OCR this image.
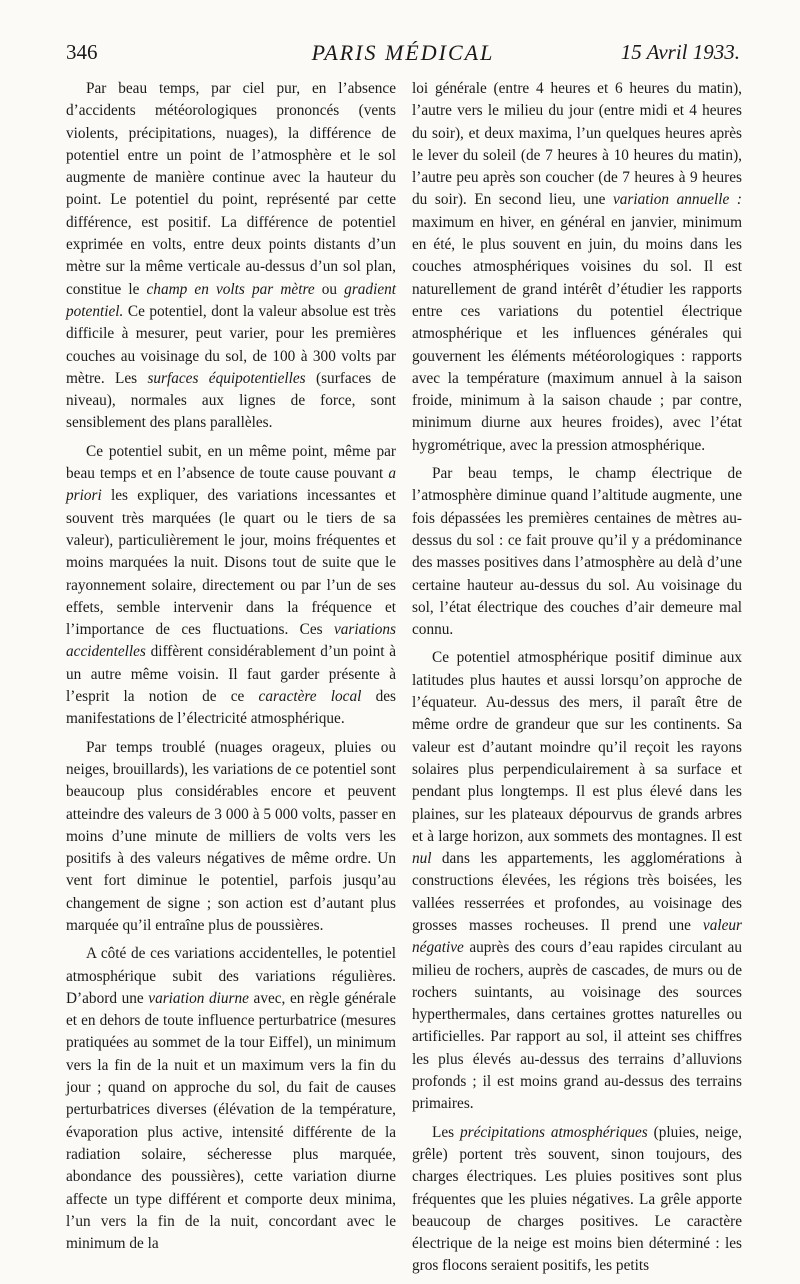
346	PARIS MÉDICAL	15 Avril 1933.

Par beau temps, par ciel pur, en l’absence d’accidents météorologiques prononcés (vents violents, précipitations, nuages), la différence de potentiel entre un point de l’atmosphère et le sol augmente de manière continue avec la hauteur du point. Le potentiel du point, représenté par cette différence, est positif. La différence de potentiel exprimée en volts, entre deux points distants d’un mètre sur la même verticale au-dessus d’un sol plan, constitue le champ en volts par mètre ou gradient potentiel. Ce potentiel, dont la valeur absolue est très difficile à mesurer, peut varier, pour les premières couches au voisinage du sol, de 100 à 300 volts par mètre. Les surfaces équipotentielles (surfaces de niveau), normales aux lignes de force, sont sensiblement des plans parallèles.

Ce potentiel subit, en un même point, même par beau temps et en l’absence de toute cause pouvant a priori les expliquer, des variations incessantes et souvent très marquées (le quart ou le tiers de sa valeur), particulièrement le jour, moins fréquentes et moins marquées la nuit. Disons tout de suite que le rayonnement solaire, directement ou par l’un de ses effets, semble intervenir dans la fréquence et l’importance de ces fluctuations. Ces variations accidentelles diffèrent considérablement d’un point à un autre même voisin. Il faut garder présente à l’esprit la notion de ce caractère local des manifestations de l’électricité atmosphérique.

Par temps troublé (nuages orageux, pluies ou neiges, brouillards), les variations de ce potentiel sont beaucoup plus considérables encore et peuvent atteindre des valeurs de 3 000 à 5 000 volts, passer en moins d’une minute de milliers de volts vers les positifs à des valeurs négatives de même ordre. Un vent fort diminue le potentiel, parfois jusqu’au changement de signe ; son action est d’autant plus marquée qu’il entraîne plus de poussières.

A côté de ces variations accidentelles, le potentiel atmosphérique subit des variations régulières. D’abord une variation diurne avec, en règle générale et en dehors de toute influence perturbatrice (mesures pratiquées au sommet de la tour Eiffel), un minimum vers la fin de la nuit et un maximum vers la fin du jour ; quand on approche du sol, du fait de causes perturbatrices diverses (élévation de la température, évaporation plus active, intensité différente de la radiation solaire, sécheresse plus marquée, abondance des poussières), cette variation diurne affecte un type différent et comporte deux minima, l’un vers la fin de la nuit, concordant avec le minimum de la

loi générale (entre 4 heures et 6 heures du matin), l’autre vers le milieu du jour (entre midi et 4 heures du soir), et deux maxima, l’un quelques heures après le lever du soleil (de 7 heures à 10 heures du matin), l’autre peu après son coucher (de 7 heures à 9 heures du soir). En second lieu, une variation annuelle : maximum en hiver, en général en janvier, minimum en été, le plus souvent en juin, du moins dans les couches atmosphériques voisines du sol. Il est naturellement de grand intérêt d’étudier les rapports entre ces variations du potentiel électrique atmosphérique et les influences générales qui gouvernent les éléments météorologiques : rapports avec la température (maximum annuel à la saison froide, minimum à la saison chaude ; par contre, minimum diurne aux heures froides), avec l’état hygrométrique, avec la pression atmosphérique.

Par beau temps, le champ électrique de l’atmosphère diminue quand l’altitude augmente, une fois dépassées les premières centaines de mètres au-dessus du sol : ce fait prouve qu’il y a prédominance des masses positives dans l’atmosphère au delà d’une certaine hauteur au-dessus du sol. Au voisinage du sol, l’état électrique des couches d’air demeure mal connu.

Ce potentiel atmosphérique positif diminue aux latitudes plus hautes et aussi lorsqu’on approche de l’équateur. Au-dessus des mers, il paraît être de même ordre de grandeur que sur les continents. Sa valeur est d’autant moindre qu’il reçoit les rayons solaires plus perpendiculairement à sa surface et pendant plus longtemps. Il est plus élevé dans les plaines, sur les plateaux dépourvus de grands arbres et à large horizon, aux sommets des montagnes. Il est nul dans les appartements, les agglomérations à constructions élevées, les régions très boisées, les vallées resserrées et profondes, au voisinage des grosses masses rocheuses. Il prend une valeur négative auprès des cours d’eau rapides circulant au milieu de rochers, auprès de cascades, de murs ou de rochers suintants, au voisinage des sources hyperthermales, dans certaines grottes naturelles ou artificielles. Par rapport au sol, il atteint ses chiffres les plus élevés au-dessus des terrains d’alluvions profonds ; il est moins grand au-dessus des terrains primaires.

Les précipitations atmosphériques (pluies, neige, grêle) portent très souvent, sinon toujours, des charges électriques. Les pluies positives sont plus fréquentes que les pluies négatives. La grêle apporte beaucoup de charges positives. Le caractère électrique de la neige est moins bien déterminé : les gros flocons seraient positifs, les petits
